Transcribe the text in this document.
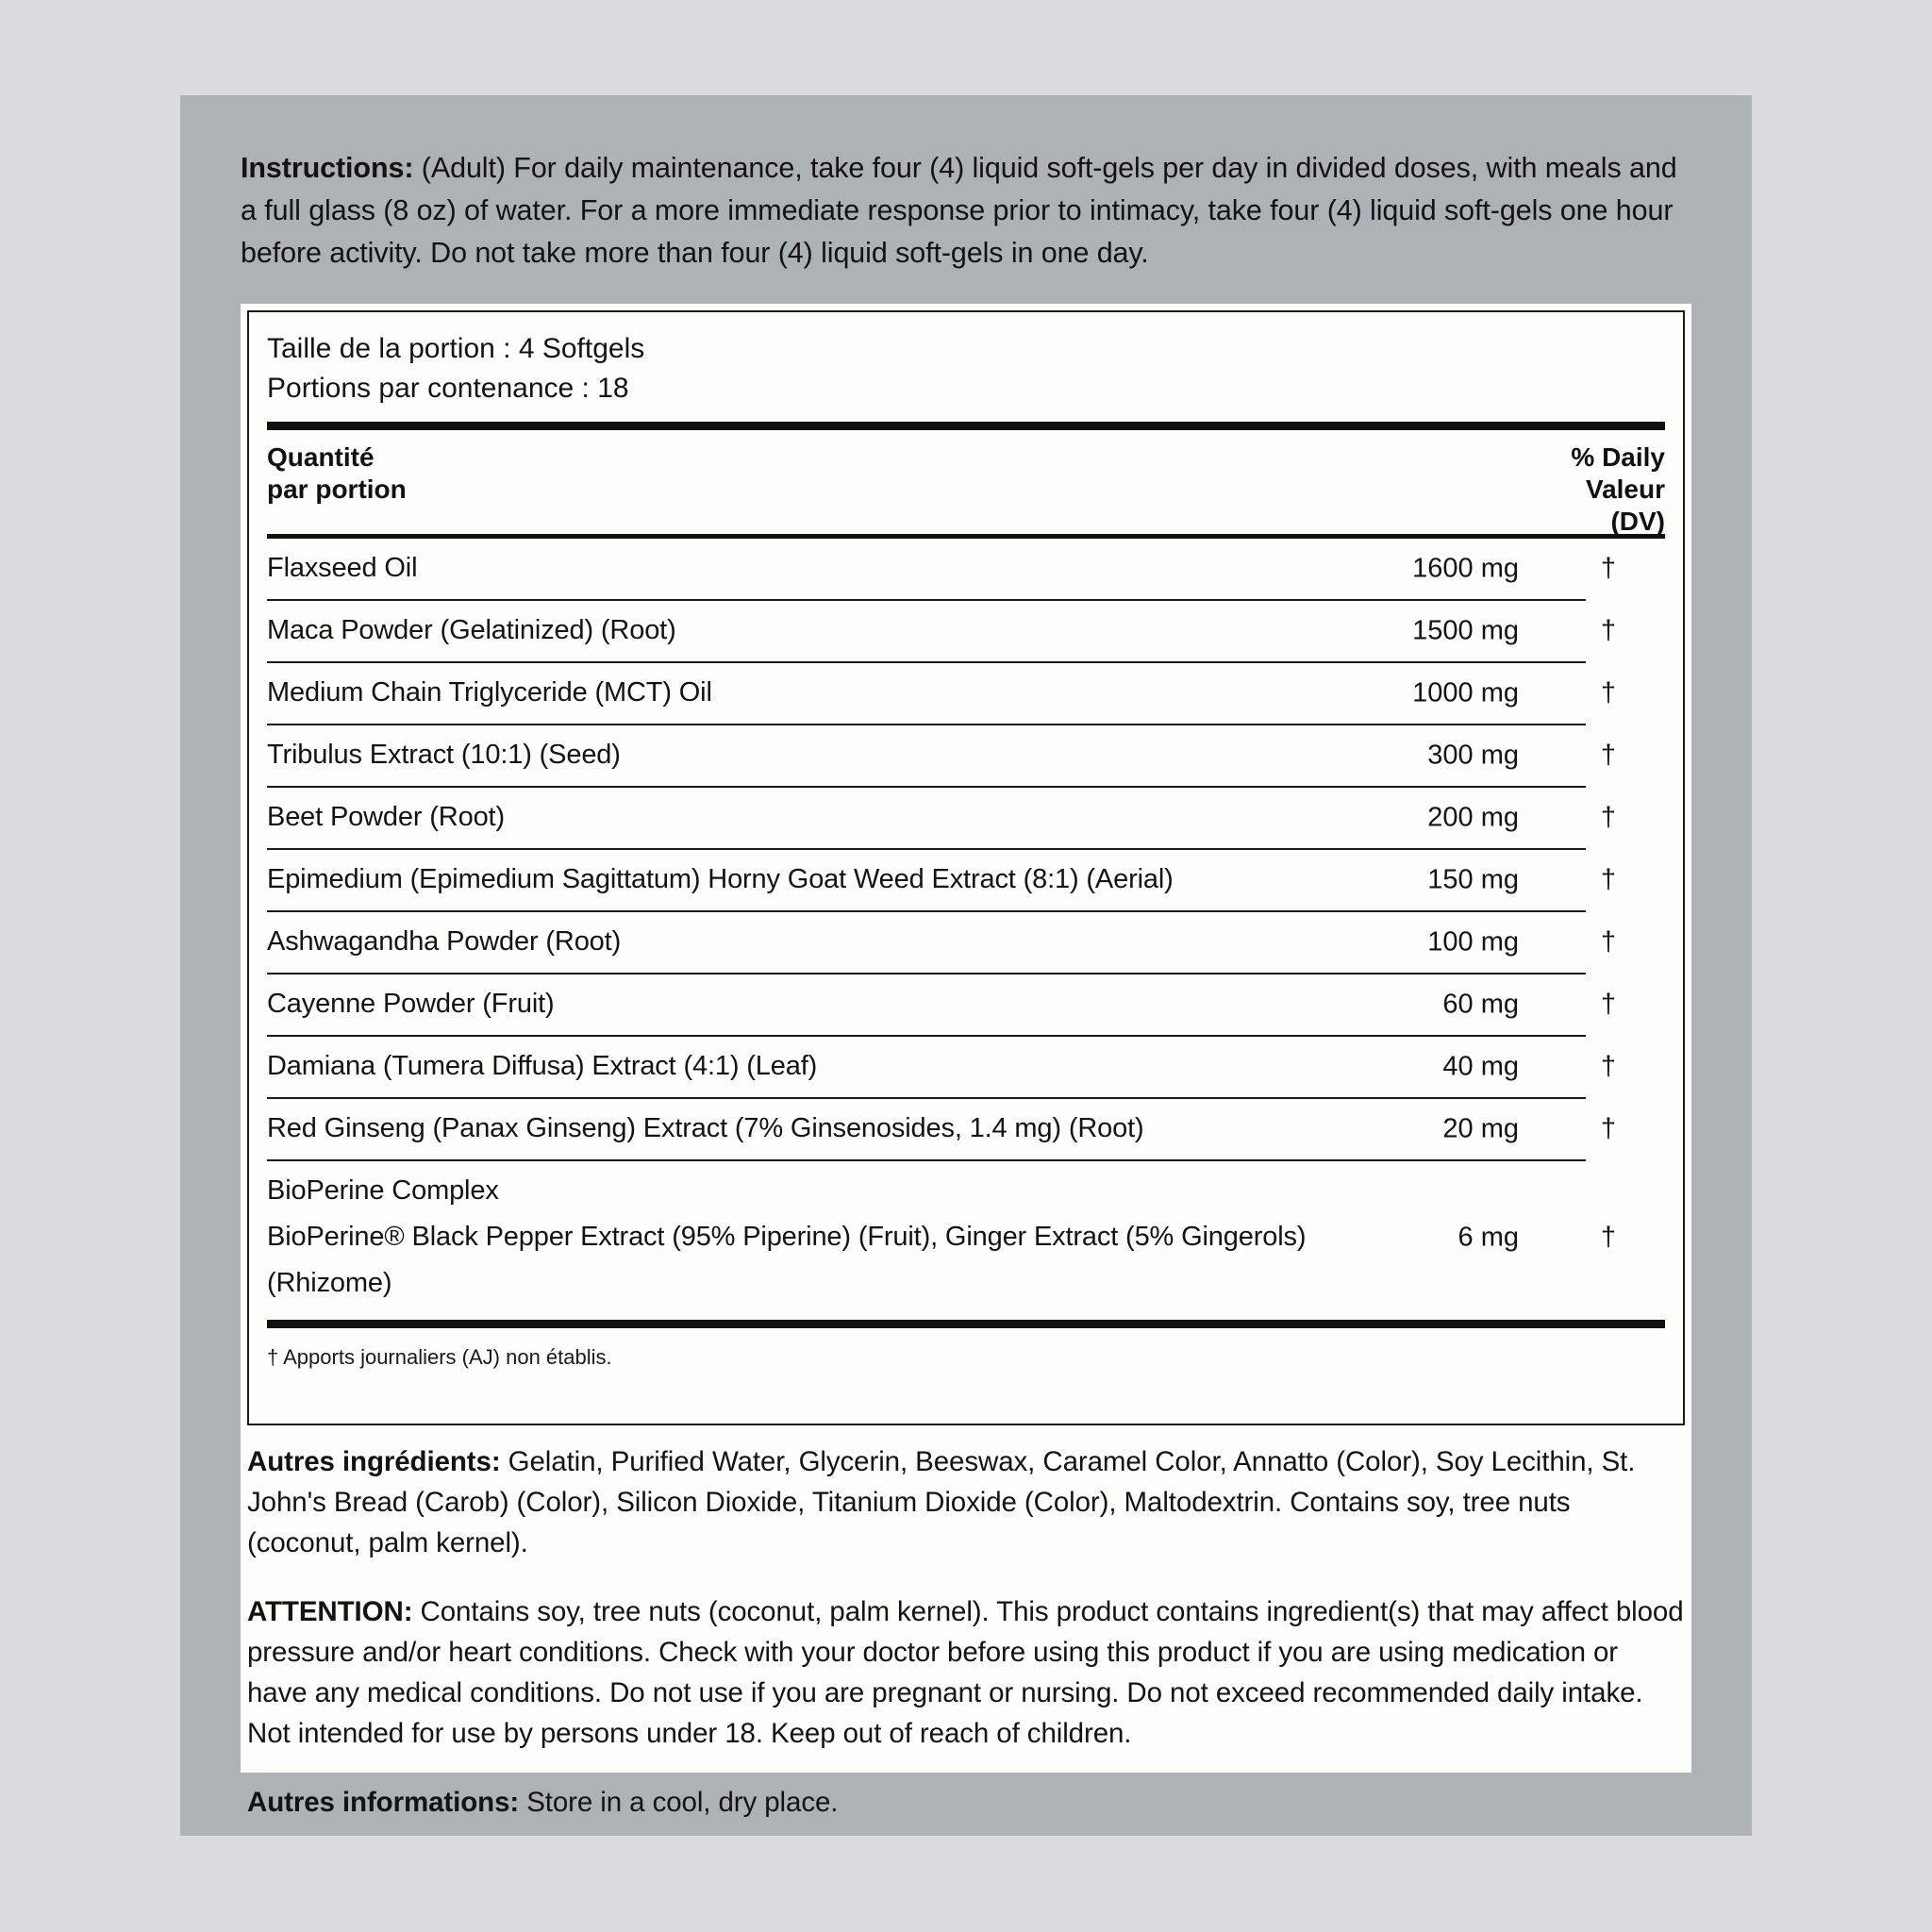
Instructions: (Adult) For daily maintenance, take four (4) liquid soft-gels per day in divided doses, with meals and a full glass (8 oz) of water. For a more immediate response prior to intimacy, take four (4) liquid soft-gels one hour before activity. Do not take more than four (4) liquid soft-gels in one day.
Taille de la portion : 4 Softgels
Portions par contenance : 18
Quantité
par portion
% Daily
Valeur
(DV)
Flaxseed Oil	1600 mg	†
Maca Powder (Gelatinized) (Root)	1500 mg	†
Medium Chain Triglyceride (MCT) Oil	1000 mg	†
Tribulus Extract (10:1) (Seed)	300 mg	†
Beet Powder (Root)	200 mg	†
Epimedium (Epimedium Sagittatum) Horny Goat Weed Extract (8:1) (Aerial)	150 mg	†
Ashwagandha Powder (Root)	100 mg	†
Cayenne Powder (Fruit)	60 mg	†
Damiana (Tumera Diffusa) Extract (4:1) (Leaf)	40 mg	†
Red Ginseng (Panax Ginseng) Extract (7% Ginsenosides, 1.4 mg) (Root)	20 mg	†
BioPerine Complex
BioPerine® Black Pepper Extract (95% Piperine) (Fruit), Ginger Extract (5% Gingerols) (Rhizome)
6 mg	†
† Apports journaliers (AJ) non établis.
Autres ingrédients: Gelatin, Purified Water, Glycerin, Beeswax, Caramel Color, Annatto (Color), Soy Lecithin, St. John's Bread (Carob) (Color), Silicon Dioxide, Titanium Dioxide (Color), Maltodextrin. Contains soy, tree nuts (coconut, palm kernel).
ATTENTION: Contains soy, tree nuts (coconut, palm kernel). This product contains ingredient(s) that may affect blood pressure and/or heart conditions. Check with your doctor before using this product if you are using medication or have any medical conditions. Do not use if you are pregnant or nursing. Do not exceed recommended daily intake. Not intended for use by persons under 18. Keep out of reach of children.
Autres informations: Store in a cool, dry place.
